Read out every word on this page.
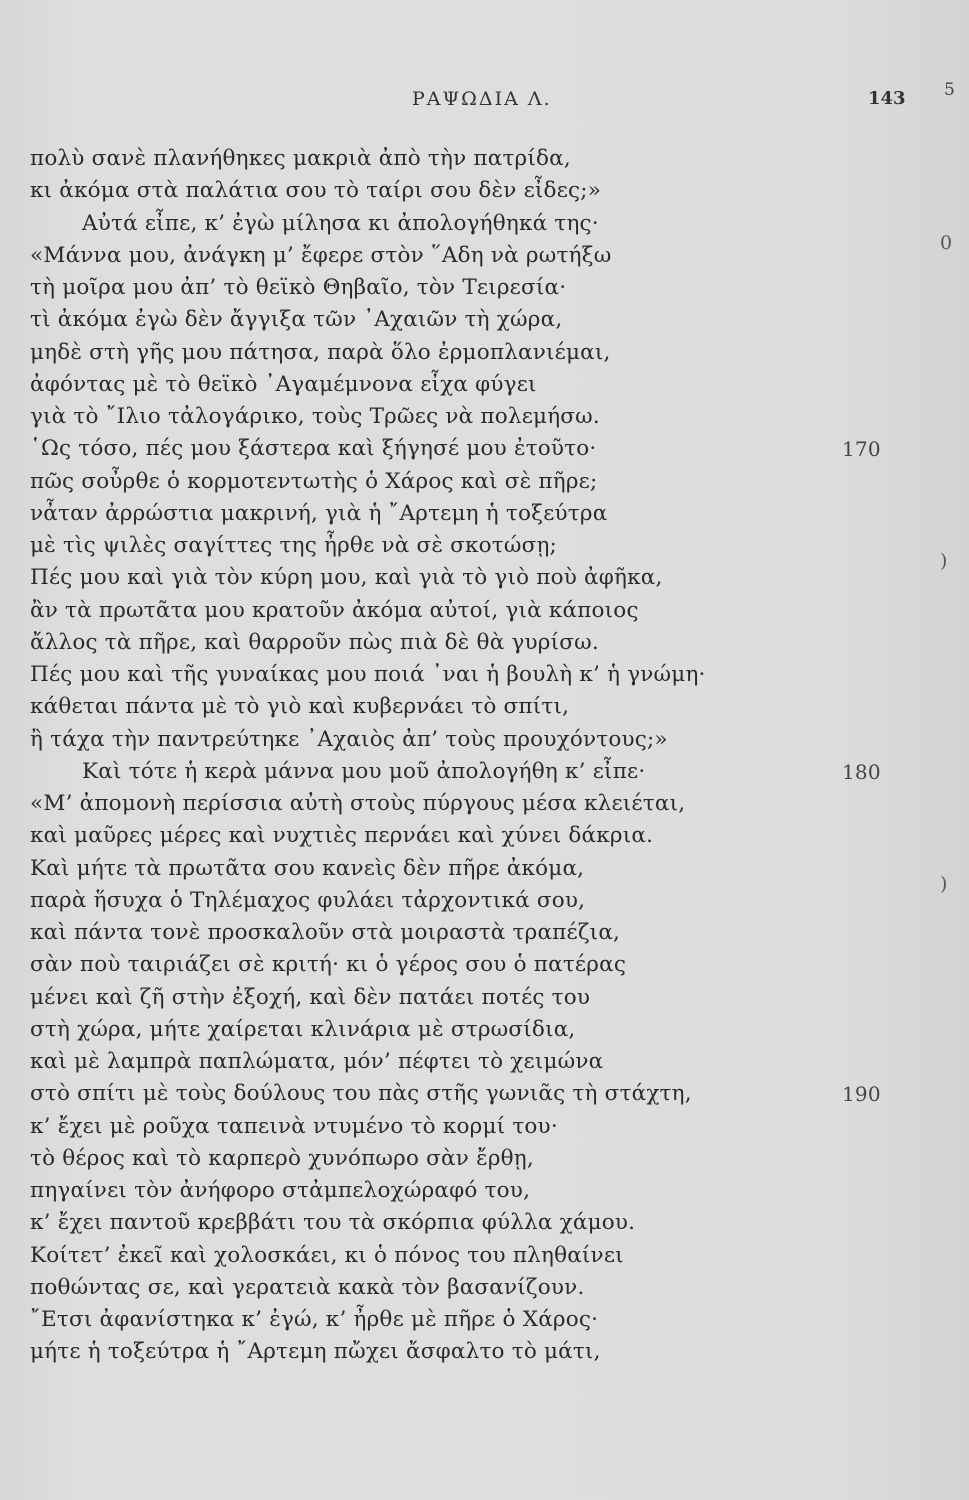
ΡΑΨΩΔΙΑ Λ.	143 5
0
)
)
πολὺ σανὲ πλανήθηκες μακριὰ ἀπὸ τὴν πατρίδα,
κι ἀκόμα στὰ παλάτια σου τὸ ταίρι σου δὲν εἶδες;»
Αὐτά εἶπε, κ’ ἐγὼ μίλησα κι ἀπολογήθηκά της·
«Μάννα μου, ἀνάγκη μ’ ἔφερε στὸν ῞Αδη νὰ ρωτήξω
τὴ μοῖρα μου ἀπ’ τὸ θεϊκὸ Θηβαῖο, τὸν Τειρεσία·
τὶ ἀκόμα ἐγὼ δὲν ἄγγιξα τῶν ᾿Αχαιῶν τὴ χώρα,
μηδὲ στὴ γῆς μου πάτησα, παρὰ ὅλο ἐρμοπλανιέμαι,
ἀφόντας μὲ τὸ θεϊκὸ ᾿Αγαμέμνονα εἶχα φύγει
γιὰ τὸ ῎Ιλιο τἀλογάρικο, τοὺς Τρῶες νὰ πολεμήσω.
῾Ως τόσο, πές μου ξάστερα καὶ ξήγησέ μου ἐτοῦτο·	170
πῶς σοὖρθε ὁ κορμοτεντωτὴς ὁ Χάρος καὶ σὲ πῆρε;
νἆταν ἀρρώστια μακρινή, γιὰ ἡ ῎Αρτεμη ἡ τοξεύτρα
μὲ τὶς ψιλὲς σαγίττες της ἦρθε νὰ σὲ σκοτώσῃ;
Πές μου καὶ γιὰ τὸν κύρη μου, καὶ γιὰ τὸ γιὸ ποὺ ἀφῆκα,
ἂν τὰ πρωτᾶτα μου κρατοῦν ἀκόμα αὐτοί, γιὰ κάποιος
ἄλλος τὰ πῆρε, καὶ θαρροῦν πὼς πιὰ δὲ θὰ γυρίσω.
Πές μου καὶ τῆς γυναίκας μου ποιά ᾽ναι ἡ βουλὴ κ’ ἡ γνώμη·
κάθεται πάντα μὲ τὸ γιὸ καὶ κυβερνάει τὸ σπίτι,
ἢ τάχα τὴν παντρεύτηκε ᾿Αχαιὸς ἀπ’ τοὺς προυχόντους;»
Καὶ τότε ἡ κερὰ μάννα μου μοῦ ἀπολογήθη κ’ εἶπε·	180
«Μ’ ἀπομονὴ περίσσια αὐτὴ στοὺς πύργους μέσα κλειέται,
καὶ μαῦρες μέρες καὶ νυχτιὲς περνάει καὶ χύνει δάκρια.
Καὶ μήτε τὰ πρωτᾶτα σου κανεὶς δὲν πῆρε ἀκόμα,
παρὰ ἥσυχα ὁ Τηλέμαχος φυλάει τἀρχοντικά σου,
καὶ πάντα τονὲ προσκαλοῦν στὰ μοιραστὰ τραπέζια,
σὰν ποὺ ταιριάζει σὲ κριτή· κι ὁ γέρος σου ὁ πατέρας
μένει καὶ ζῆ στὴν ἐξοχή, καὶ δὲν πατάει ποτές του
στὴ χώρα, μήτε χαίρεται κλινάρια μὲ στρωσίδια,
καὶ μὲ λαμπρὰ παπλώματα, μόν’ πέφτει τὸ χειμώνα
στὸ σπίτι μὲ τοὺς δούλους του πὰς στῆς γωνιᾶς τὴ στάχτη,	190
κ’ ἔχει μὲ ροῦχα ταπεινὰ ντυμένο τὸ κορμί του·
τὸ θέρος καὶ τὸ καρπερὸ χυνόπωρο σὰν ἔρθῃ,
πηγαίνει τὸν ἀνήφορο στἀμπελοχώραφό του,
κ’ ἔχει παντοῦ κρεββάτι του τὰ σκόρπια φύλλα χάμου.
Κοίτετ’ ἐκεῖ καὶ χολοσκάει, κι ὁ πόνος του πληθαίνει
ποθώντας σε, καὶ γερατειὰ κακὰ τὸν βασανίζουν.
῎Ετσι ἀφανίστηκα κ’ ἐγώ, κ’ ἦρθε μὲ πῆρε ὁ Χάρος·
μήτε ἡ τοξεύτρα ἡ ῎Αρτεμη πὤχει ἄσφαλτο τὸ μάτι,
